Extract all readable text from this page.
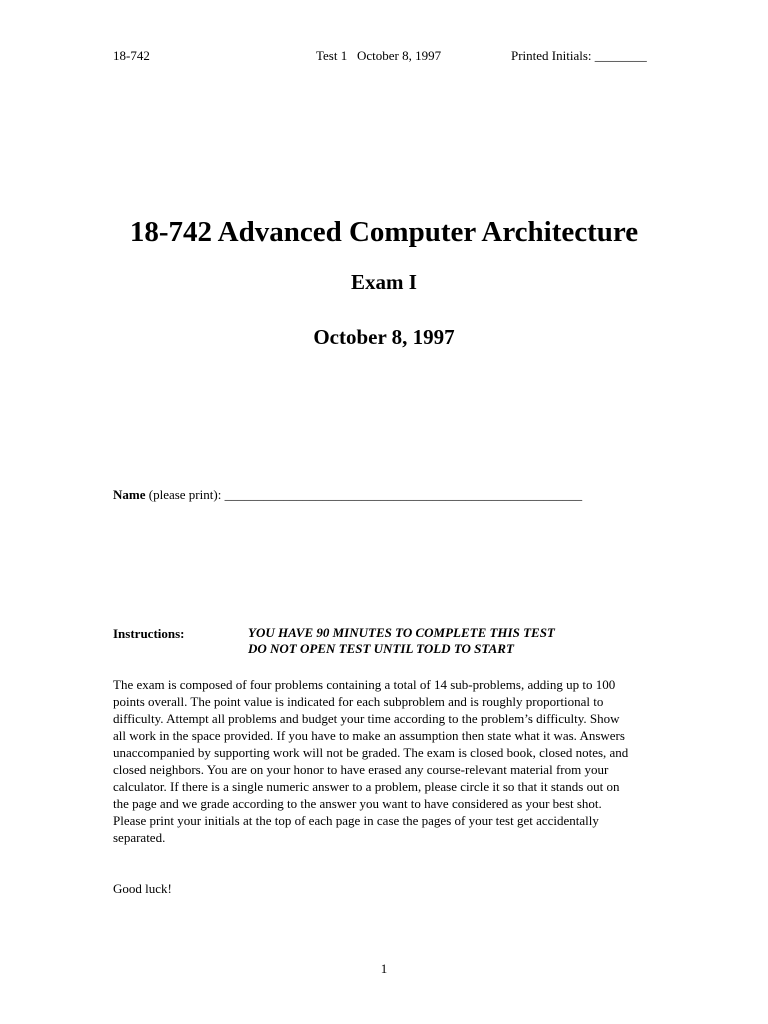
18-742	Test 1   October 8, 1997	Printed Initials: ________
18-742 Advanced Computer Architecture
Exam I
October 8, 1997
Name (please print): _______________________________________________________
Instructions:	YOU HAVE 90 MINUTES TO COMPLETE THIS TEST
DO NOT OPEN TEST UNTIL TOLD TO START
The exam is composed of four problems containing a total of 14 sub-problems, adding up to 100
points overall. The point value is indicated for each subproblem and is roughly proportional to
difficulty. Attempt all problems and budget your time according to the problem’s difficulty. Show
all work in the space provided. If you have to make an assumption then state what it was. Answers
unaccompanied by supporting work will not be graded. The exam is closed book, closed notes, and
closed neighbors. You are on your honor to have erased any course-relevant material from your
calculator. If there is a single numeric answer to a problem, please circle it so that it stands out on
the page and we grade according to the answer you want to have considered as your best shot.
Please print your initials at the top of each page in case the pages of your test get accidentally
separated.
Good luck!
1
